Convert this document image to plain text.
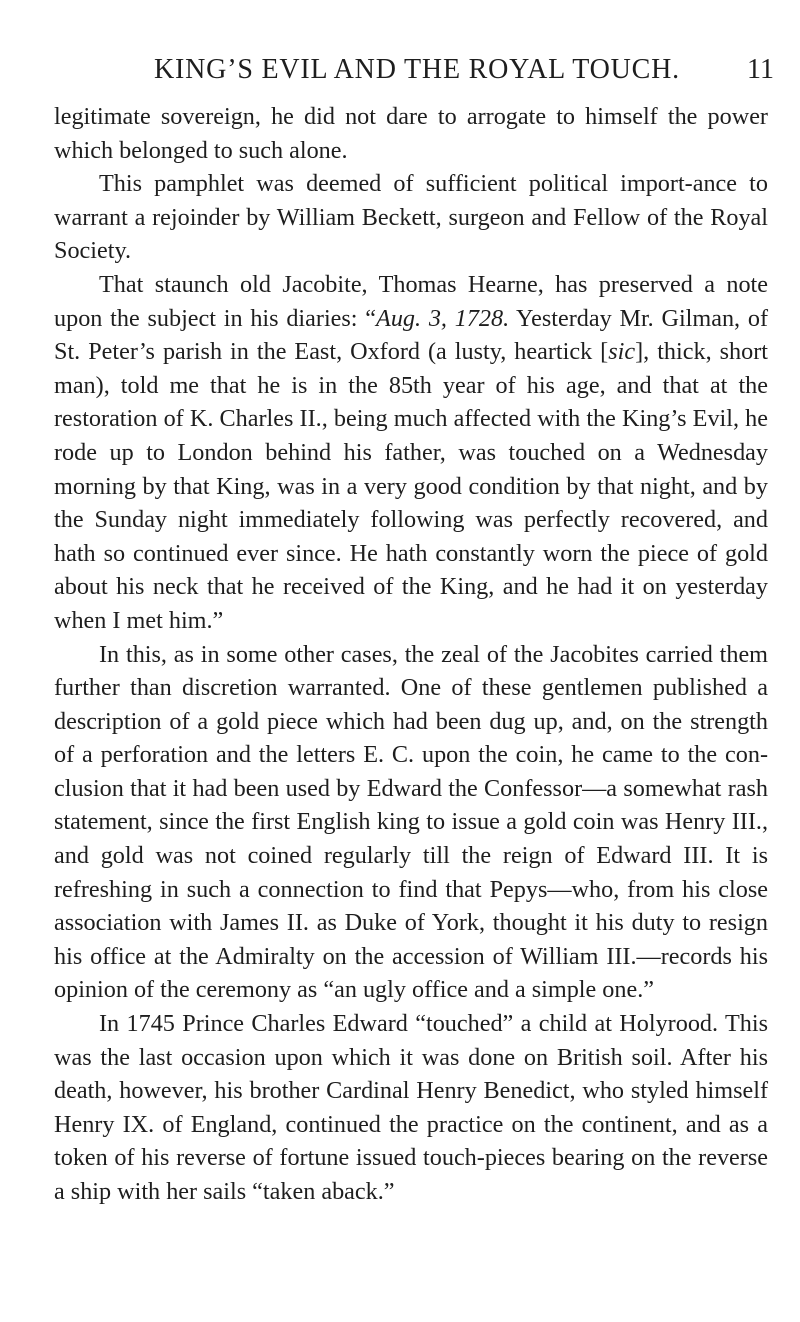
KING’S EVIL AND THE ROYAL TOUCH.	11

legitimate sovereign, he did not dare to arrogate to himself the power which belonged to such alone.

This pamphlet was deemed of sufficient political import-ance to warrant a rejoinder by William Beckett, surgeon and Fellow of the Royal Society.

That staunch old Jacobite, Thomas Hearne, has preserved a note upon the subject in his diaries: “Aug. 3, 1728. Yesterday Mr. Gilman, of St. Peter’s parish in the East, Oxford (a lusty, heartick [sic], thick, short man), told me that he is in the 85th year of his age, and that at the restoration of K. Charles II., being much affected with the King’s Evil, he rode up to London behind his father, was touched on a Wednesday morning by that King, was in a very good condition by that night, and by the Sunday night immediately following was perfectly recovered, and hath so continued ever since. He hath constantly worn the piece of gold about his neck that he received of the King, and he had it on yesterday when I met him.”

In this, as in some other cases, the zeal of the Jacobites carried them further than discretion warranted. One of these gentlemen published a description of a gold piece which had been dug up, and, on the strength of a perforation and the letters E. C. upon the coin, he came to the con-clusion that it had been used by Edward the Confessor—a somewhat rash statement, since the first English king to issue a gold coin was Henry III., and gold was not coined regularly till the reign of Edward III. It is refreshing in such a connection to find that Pepys—who, from his close association with James II. as Duke of York, thought it his duty to resign his office at the Admiralty on the accession of William III.—records his opinion of the ceremony as “an ugly office and a simple one.”

In 1745 Prince Charles Edward “touched” a child at Holyrood. This was the last occasion upon which it was done on British soil. After his death, however, his brother Cardinal Henry Benedict, who styled himself Henry IX. of England, continued the practice on the continent, and as a token of his reverse of fortune issued touch-pieces bearing on the reverse a ship with her sails “taken aback.”
